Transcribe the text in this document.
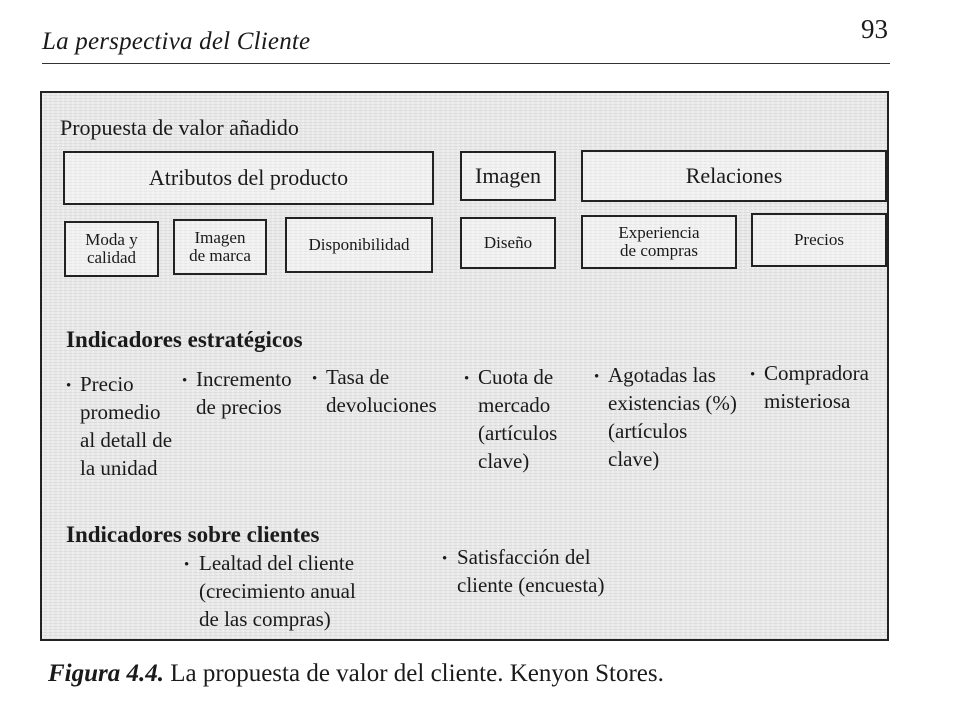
La perspectiva del Cliente	93
Propuesta de valor añadido
Atributos del producto	Imagen	Relaciones
Moda y
calidad
Imagen
de marca
Disponibilidad	Diseño
Experiencia
de compras
Precios
Indicadores estratégicos
• Precio
promedio
al detall de
la unidad
• Incremento
de precios
• Tasa de
devoluciones
• Cuota de
mercado
(artículos
clave)
• Agotadas las
existencias (%)
(artículos
clave)
• Compradora
misteriosa
Indicadores sobre clientes
• Lealtad del cliente
(crecimiento anual
de las compras)
• Satisfacción del
cliente (encuesta)
Figura 4.4. La propuesta de valor del cliente. Kenyon Stores.
